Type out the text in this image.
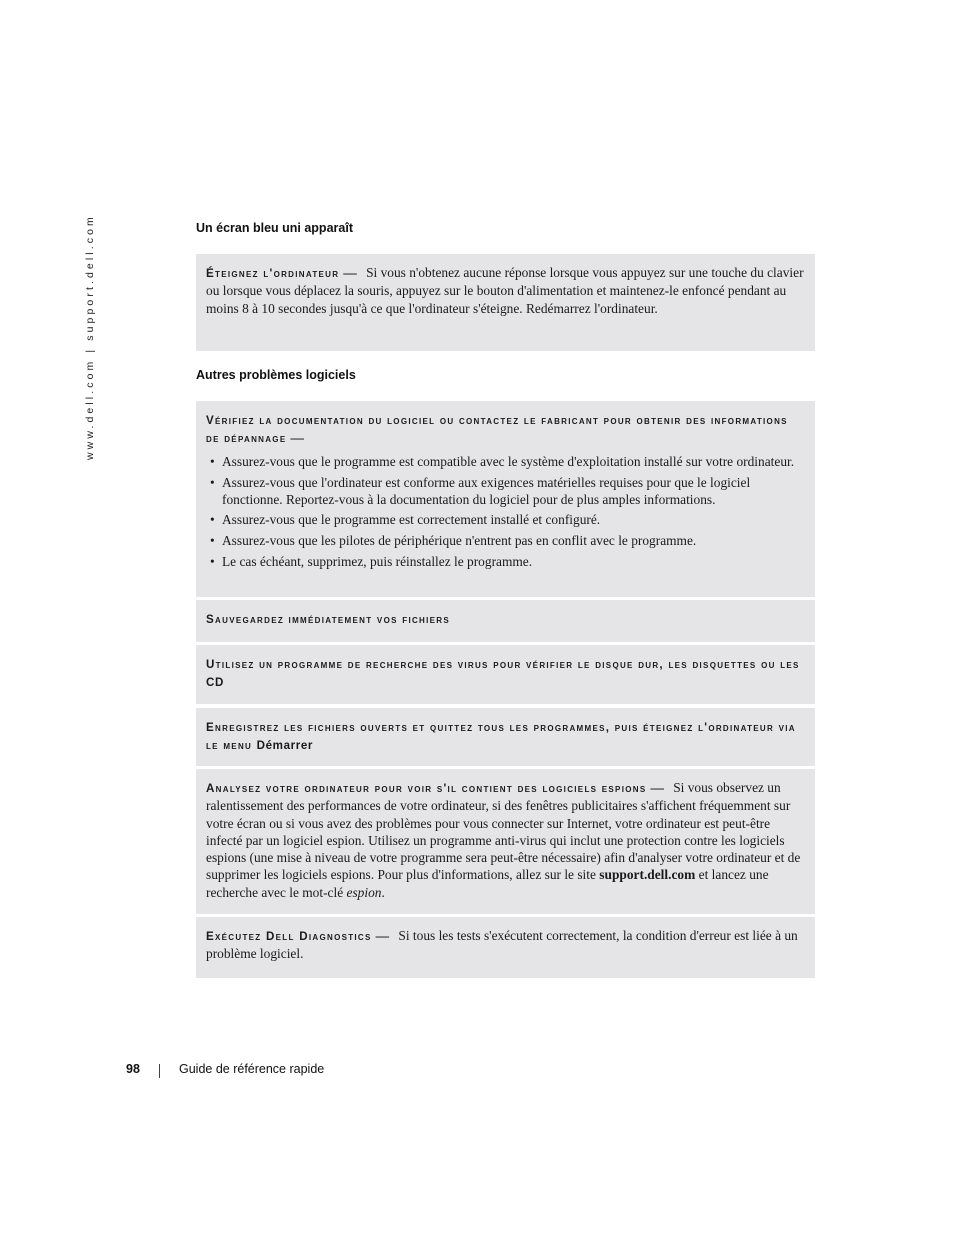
www.dell.com | support.dell.com	Un écran bleu uni apparaît
Éteignez l'ordinateur — Si vous n'obtenez aucune réponse lorsque vous appuyez sur une touche du clavier ou lorsque vous déplacez la souris, appuyez sur le bouton d'alimentation et maintenez-le enfoncé pendant au moins 8 à 10 secondes jusqu'à ce que l'ordinateur s'éteigne. Redémarrez l'ordinateur.
Autres problèmes logiciels
Vérifiez la documentation du logiciel ou contactez le fabricant pour obtenir des informations de dépannage —
• Assurez-vous que le programme est compatible avec le système d'exploitation installé sur votre ordinateur.
• Assurez-vous que l'ordinateur est conforme aux exigences matérielles requises pour que le logiciel fonctionne. Reportez-vous à la documentation du logiciel pour de plus amples informations.
• Assurez-vous que le programme est correctement installé et configuré.
• Assurez-vous que les pilotes de périphérique n'entrent pas en conflit avec le programme.
• Le cas échéant, supprimez, puis réinstallez le programme.
Sauvegardez immédiatement vos fichiers
Utilisez un programme de recherche des virus pour vérifier le disque dur, les disquettes ou les CD
Enregistrez les fichiers ouverts et quittez tous les programmes, puis éteignez l'ordinateur via le menu Démarrer
Analysez votre ordinateur pour voir s'il contient des logiciels espions — Si vous observez un ralentissement des performances de votre ordinateur, si des fenêtres publicitaires s'affichent fréquemment sur votre écran ou si vous avez des problèmes pour vous connecter sur Internet, votre ordinateur est peut-être infecté par un logiciel espion. Utilisez un programme anti-virus qui inclut une protection contre les logiciels espions (une mise à niveau de votre programme sera peut-être nécessaire) afin d'analyser votre ordinateur et de supprimer les logiciels espions. Pour plus d'informations, allez sur le site support.dell.com et lancez une recherche avec le mot-clé espion.
Exécutez Dell Diagnostics — Si tous les tests s'exécutent correctement, la condition d'erreur est liée à un problème logiciel.
98	Guide de référence rapide
